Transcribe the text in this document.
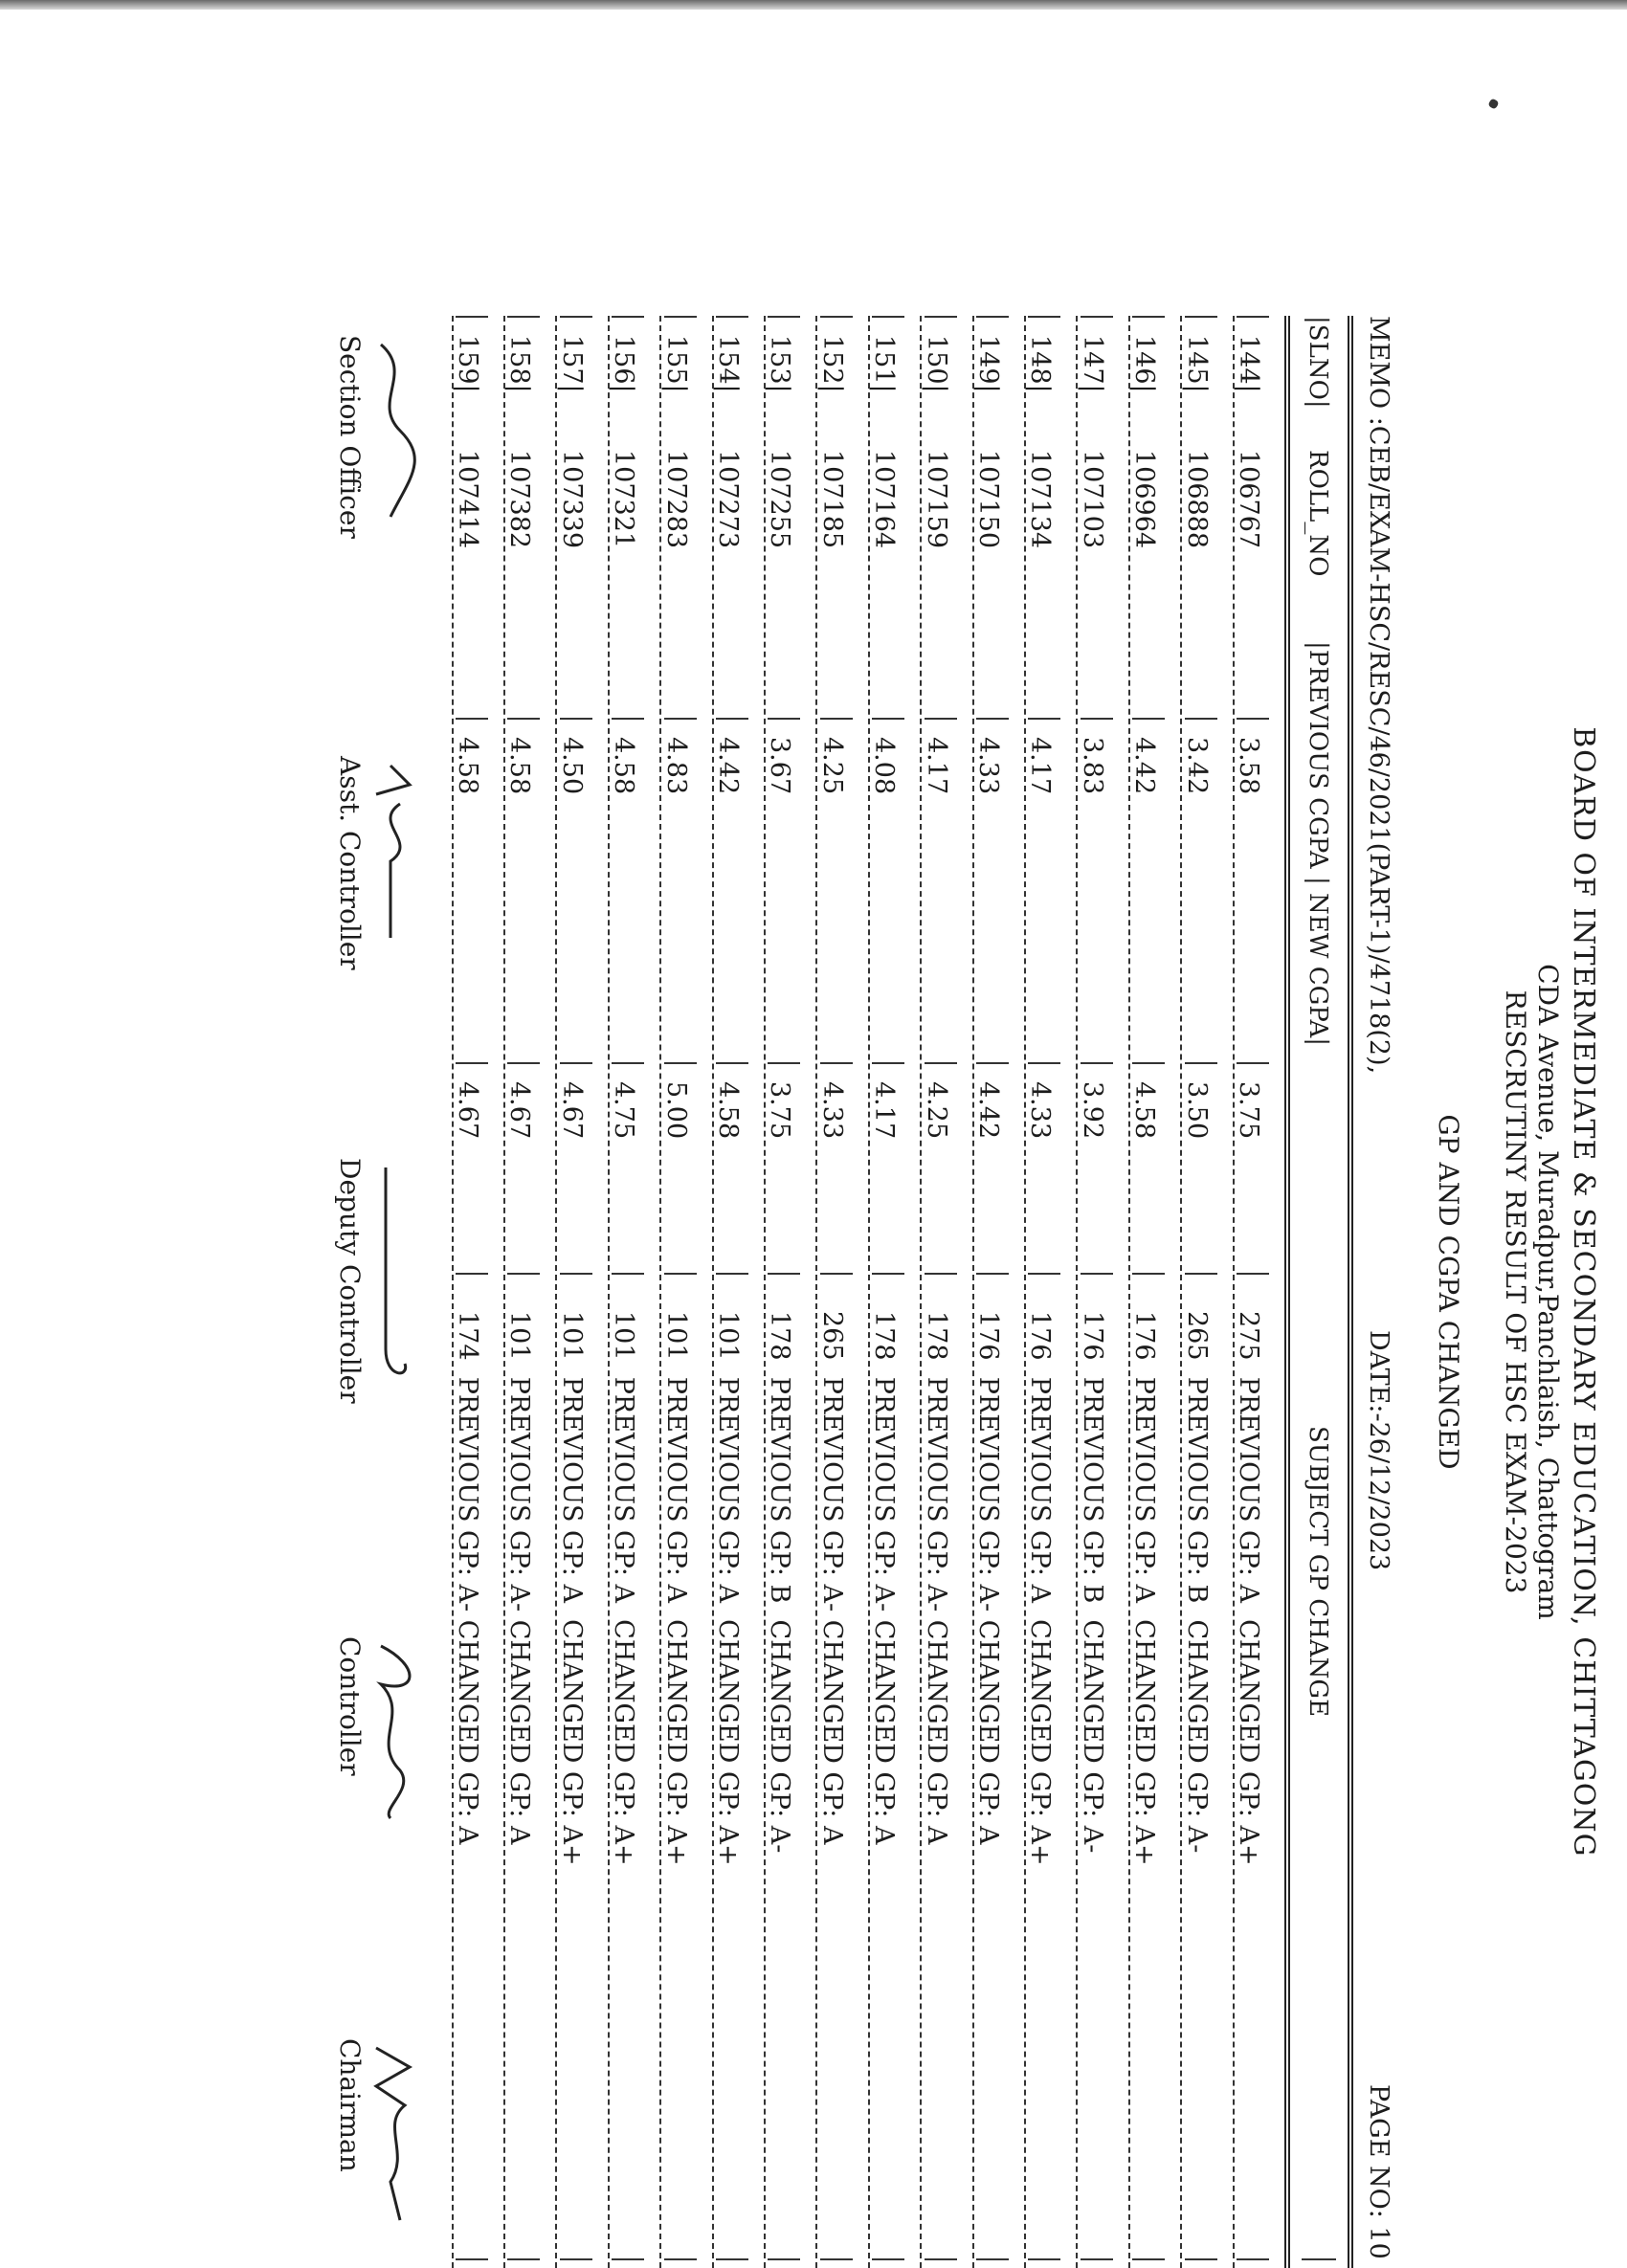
BOARD OF INTERMEDIATE & SECONDARY EDUCATION, CHITTAGONG
CDA Avenue, Muradpur,Panchlaish, Chattogram
RESCRUTINY RESULT OF HSC EXAM-2023
GP AND CGPA CHANGED
MEMO :CEB/EXAM-HSC/RESC/46/2021(PART-1)/4718(2),
DATE:-26/12/2023
PAGE NO: 10
|SLNO|
ROLL_NO
|PREVIOUS CGPA | NEW CGPA|
SUBJECT GP CHANGE
144|
106767
3.58
3.75
275  PREVIOUS GP: A  CHANGED GP: A+
145|
106888
3.42
3.50
265  PREVIOUS GP: B  CHANGED GP: A-
146|
106964
4.42
4.58
176  PREVIOUS GP: A  CHANGED GP: A+
147|
107103
3.83
3.92
176  PREVIOUS GP: B  CHANGED GP: A-
148|
107134
4.17
4.33
176  PREVIOUS GP: A  CHANGED GP: A+
149|
107150
4.33
4.42
176  PREVIOUS GP: A- CHANGED GP: A
150|
107159
4.17
4.25
178  PREVIOUS GP: A- CHANGED GP: A
151|
107164
4.08
4.17
178  PREVIOUS GP: A- CHANGED GP: A
152|
107185
4.25
4.33
265  PREVIOUS GP: A- CHANGED GP: A
153|
107255
3.67
3.75
178  PREVIOUS GP: B  CHANGED GP: A-
154|
107273
4.42
4.58
101  PREVIOUS GP: A  CHANGED GP: A+
155|
107283
4.83
5.00
101  PREVIOUS GP: A  CHANGED GP: A+
156|
107321
4.58
4.75
101  PREVIOUS GP: A  CHANGED GP: A+
157|
107339
4.50
4.67
101  PREVIOUS GP: A  CHANGED GP: A+
158|
107382
4.58
4.67
101  PREVIOUS GP: A- CHANGED GP: A
159|
107414
4.58
4.67
174  PREVIOUS GP: A- CHANGED GP: A
Section Officer
Asst. Controller
Deputy Controller
Controller
Chairman
